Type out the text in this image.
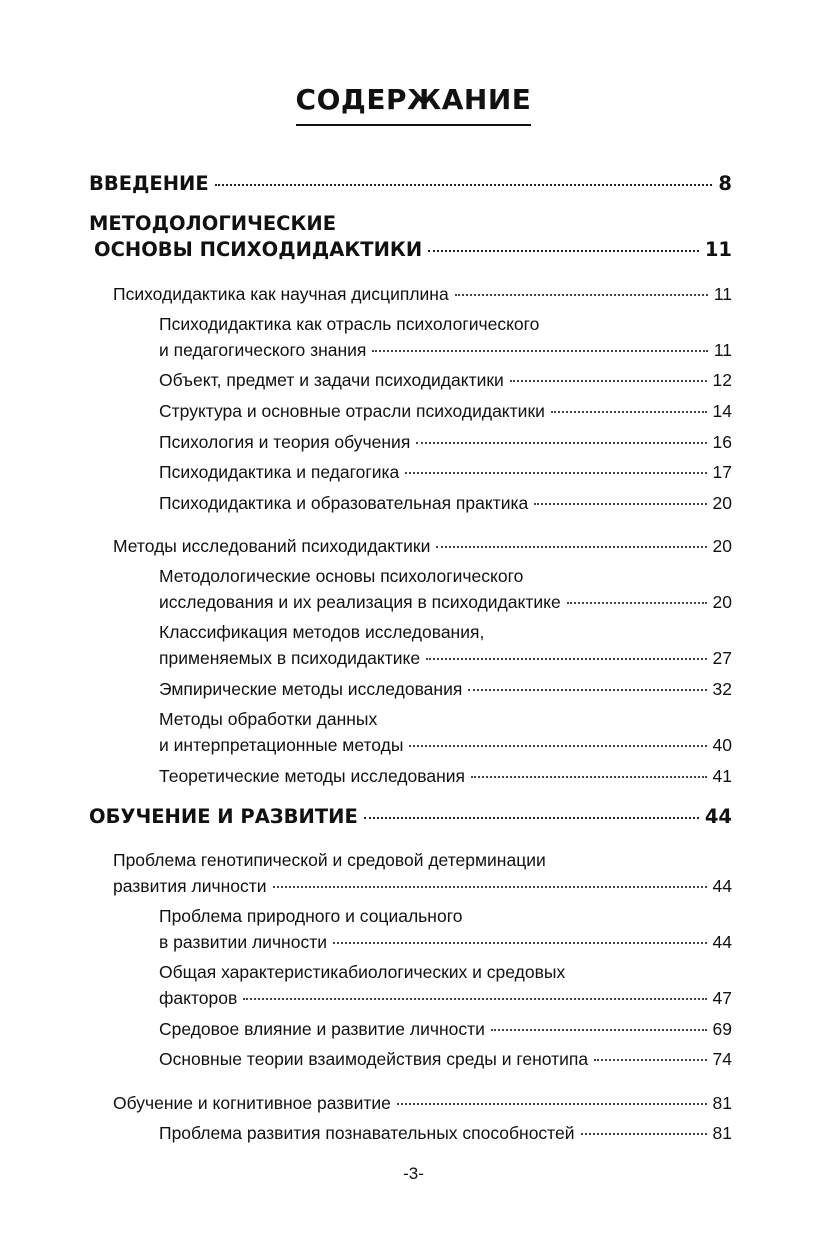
СОДЕРЖАНИЕ
ВВЕДЕНИЕ	8
МЕТОДОЛОГИЧЕСКИЕ
ОСНОВЫ ПСИХОДИДАКТИКИ	11
Психодидактика как научная дисциплина	11
Психодидактика как отрасль психологического
и педагогического знания	11
Объект, предмет и задачи психодидактики	12
Структура и основные отрасли психодидактики	14
Психология и теория обучения	16
Психодидактика и педагогика	17
Психодидактика и образовательная практика	20
Методы исследований психодидактики	20
Методологические основы психологического
исследования и их реализация в психодидактике	20
Классификация методов исследования,
применяемых в психодидактике	27
Эмпирические методы исследования	32
Методы обработки данных
и интерпретационные методы	40
Теоретические методы исследования	41
ОБУЧЕНИЕ И РАЗВИТИЕ	44
Проблема генотипической и средовой детерминации
развития личности	44
Проблема природного и социального
в развитии личности	44
Общая характеристикабиологических и средовых
факторов	47
Средовое влияние и развитие личности	69
Основные теории взаимодействия среды и генотипа	74
Обучение и когнитивное развитие	81
Проблема развития познавательных способностей	81
-3-
